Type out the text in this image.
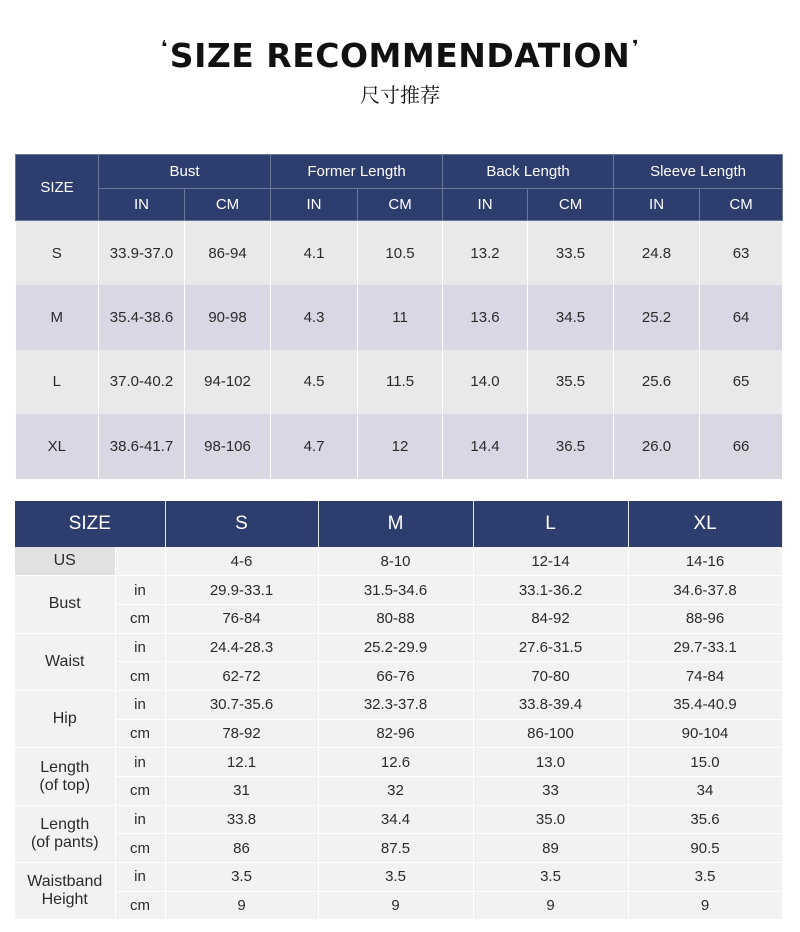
❛SIZE RECOMMENDATION ❜
尺寸推荐
SIZE	Bust		Former Length		Back Length		Sleeve Length	
	IN	CM	IN	CM	IN	CM	IN	CM
S	33.9-37.0	86-94	4.1	10.5	13.2	33.5	24.8	63
M	35.4-38.6	90-98	4.3	11	13.6	34.5	25.2	64
L	37.0-40.2	94-102	4.5	11.5	14.0	35.5	25.6	65
XL	38.6-41.7	98-106	4.7	12	14.4	36.5	26.0	66
SIZE		S	M	L	XL
US		4-6	8-10	12-14	14-16
Bust	in	29.9-33.1	31.5-34.6	33.1-36.2	34.6-37.8
	cm	76-84	80-88	84-92	88-96
Waist	in	24.4-28.3	25.2-29.9	27.6-31.5	29.7-33.1
	cm	62-72	66-76	70-80	74-84
Hip	in	30.7-35.6	32.3-37.8	33.8-39.4	35.4-40.9
	cm	78-92	82-96	86-100	90-104
Length
(of top)	in	12.1	12.6	13.0	15.0
	cm	31	32	33	34
Length
(of pants)	in	33.8	34.4	35.0	35.6
	cm	86	87.5	89	90.5
Waistband
Height	in	3.5	3.5	3.5	3.5
	cm	9	9	9	9
